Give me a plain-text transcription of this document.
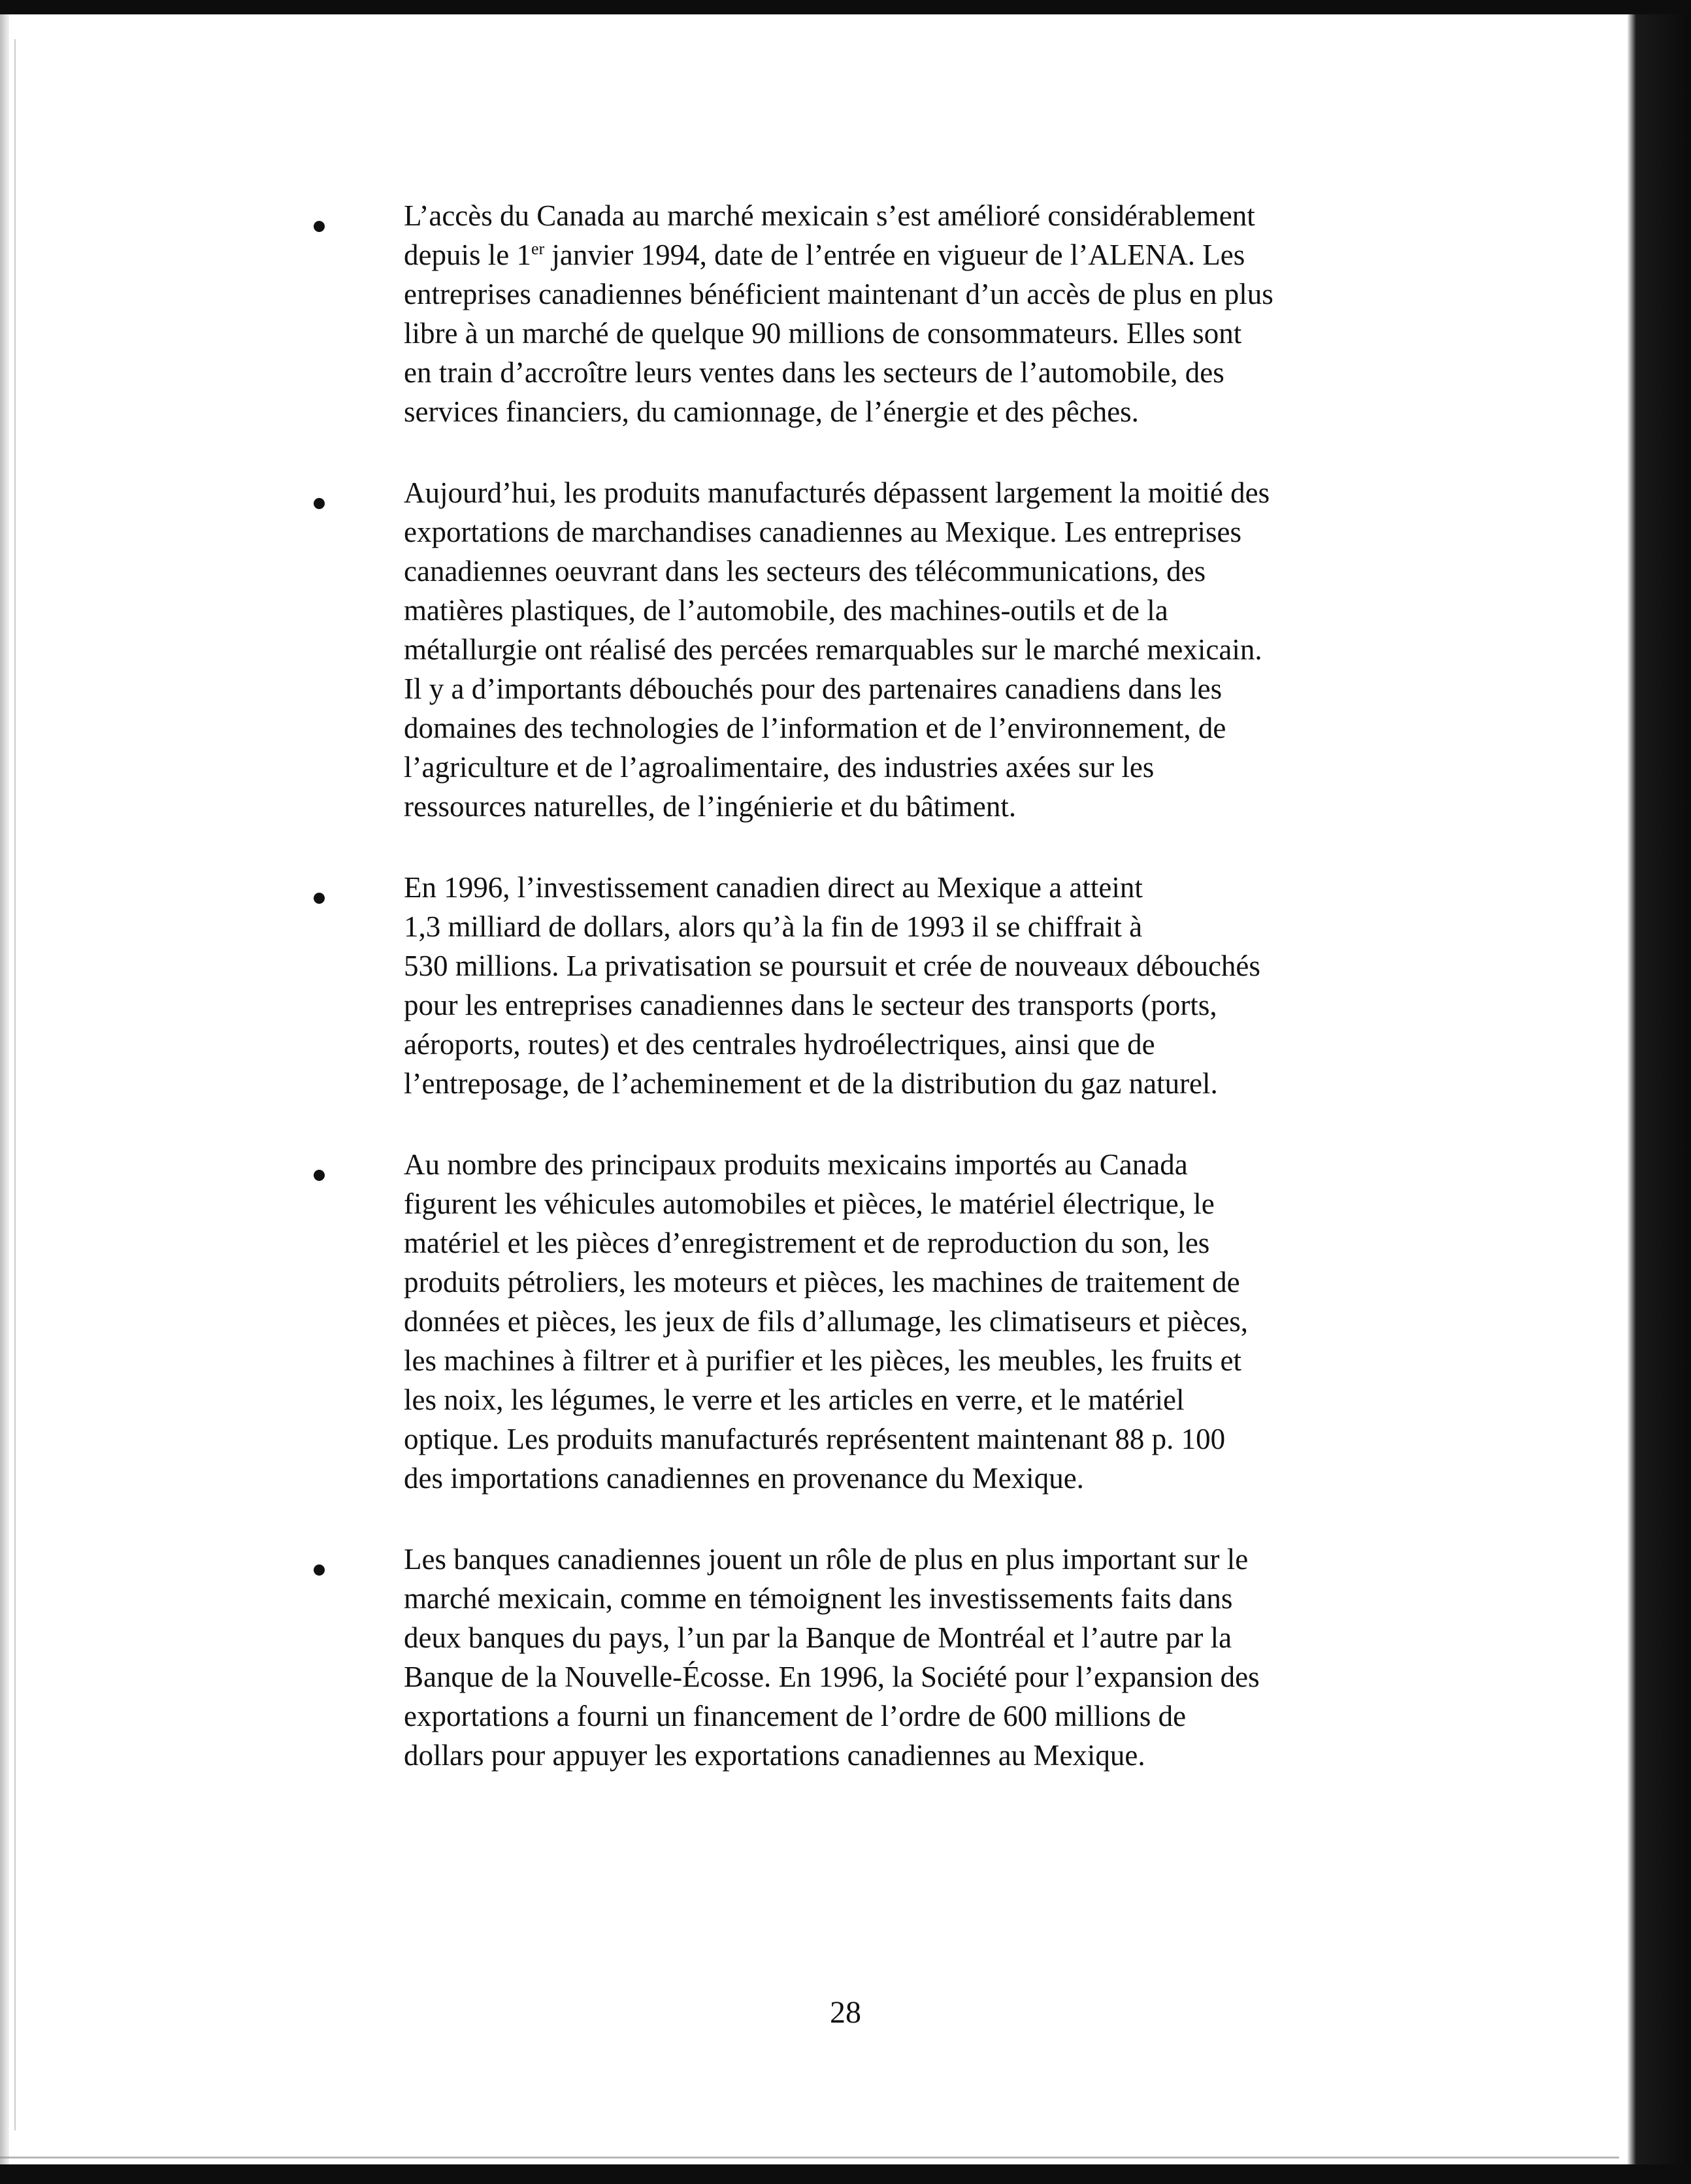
L’accès du Canada au marché mexicain s’est amélioré considérablement
depuis le 1er janvier 1994, date de l’entrée en vigueur de l’ALENA. Les
entreprises canadiennes bénéficient maintenant d’un accès de plus en plus
libre à un marché de quelque 90 millions de consommateurs. Elles sont
en train d’accroître leurs ventes dans les secteurs de l’automobile, des
services financiers, du camionnage, de l’énergie et des pêches.

Aujourd’hui, les produits manufacturés dépassent largement la moitié des
exportations de marchandises canadiennes au Mexique. Les entreprises
canadiennes oeuvrant dans les secteurs des télécommunications, des
matières plastiques, de l’automobile, des machines-outils et de la
métallurgie ont réalisé des percées remarquables sur le marché mexicain.
Il y a d’importants débouchés pour des partenaires canadiens dans les
domaines des technologies de l’information et de l’environnement, de
l’agriculture et de l’agroalimentaire, des industries axées sur les
ressources naturelles, de l’ingénierie et du bâtiment.

En 1996, l’investissement canadien direct au Mexique a atteint
1,3 milliard de dollars, alors qu’à la fin de 1993 il se chiffrait à
530 millions. La privatisation se poursuit et crée de nouveaux débouchés
pour les entreprises canadiennes dans le secteur des transports (ports,
aéroports, routes) et des centrales hydroélectriques, ainsi que de
l’entreposage, de l’acheminement et de la distribution du gaz naturel.

Au nombre des principaux produits mexicains importés au Canada
figurent les véhicules automobiles et pièces, le matériel électrique, le
matériel et les pièces d’enregistrement et de reproduction du son, les
produits pétroliers, les moteurs et pièces, les machines de traitement de
données et pièces, les jeux de fils d’allumage, les climatiseurs et pièces,
les machines à filtrer et à purifier et les pièces, les meubles, les fruits et
les noix, les légumes, le verre et les articles en verre, et le matériel
optique. Les produits manufacturés représentent maintenant 88 p. 100
des importations canadiennes en provenance du Mexique.

Les banques canadiennes jouent un rôle de plus en plus important sur le
marché mexicain, comme en témoignent les investissements faits dans
deux banques du pays, l’un par la Banque de Montréal et l’autre par la
Banque de la Nouvelle-Écosse. En 1996, la Société pour l’expansion des
exportations a fourni un financement de l’ordre de 600 millions de
dollars pour appuyer les exportations canadiennes au Mexique.

28
